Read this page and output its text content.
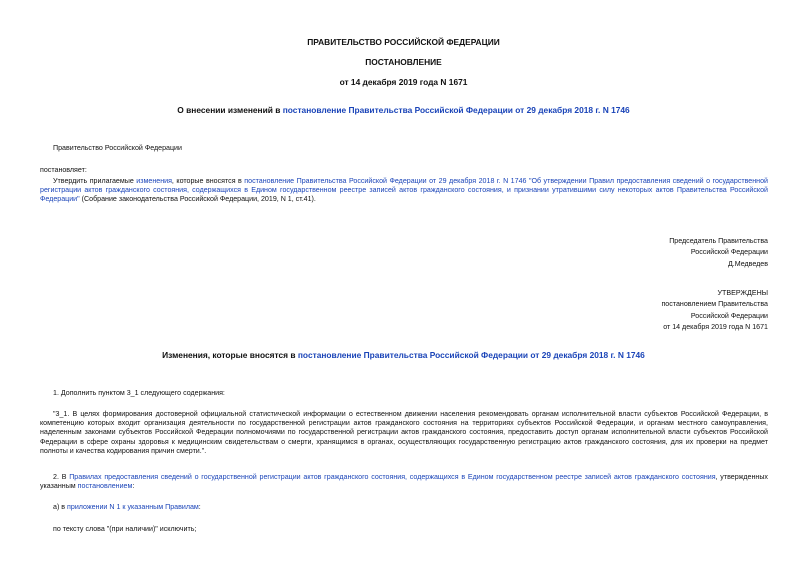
ПРАВИТЕЛЬСТВО РОССИЙСКОЙ ФЕДЕРАЦИИ
ПОСТАНОВЛЕНИЕ
от 14 декабря 2019 года N 1671
О внесении изменений в постановление Правительства Российской Федерации от 29 декабря 2018 г. N 1746
Правительство Российской Федерации
постановляет:
Утвердить прилагаемые изменения, которые вносятся в постановление Правительства Российской Федерации от 29 декабря 2018 г. N 1746 "Об утверждении Правил предоставления сведений о государственной регистрации актов гражданского состояния, содержащихся в Едином государственном реестре записей актов гражданского состояния, и признании утратившими силу некоторых актов Правительства Российской Федерации" (Собрание законодательства Российской Федерации, 2019, N 1, ст.41).
Председатель Правительства
Российской Федерации
Д.Медведев
УТВЕРЖДЕНЫ
постановлением Правительства
Российской Федерации
от 14 декабря 2019 года N 1671
Изменения, которые вносятся в постановление Правительства Российской Федерации от 29 декабря 2018 г. N 1746
1. Дополнить пунктом 3_1 следующего содержания:
"3_1. В целях формирования достоверной официальной статистической информации о естественном движении населения рекомендовать органам исполнительной власти субъектов Российской Федерации, в компетенцию которых входит организация деятельности по государственной регистрации актов гражданского состояния на территориях субъектов Российской Федерации, и органам местного самоуправления, наделенным законами субъектов Российской Федерации полномочиями по государственной регистрации актов гражданского состояния, предоставить доступ органам исполнительной власти субъектов Российской Федерации в сфере охраны здоровья к медицинским свидетельствам о смерти, хранящимся в органах, осуществляющих государственную регистрацию актов гражданского состояния, для их проверки на предмет полноты и качества кодирования причин смерти.".
2. В Правилах предоставления сведений о государственной регистрации актов гражданского состояния, содержащихся в Едином государственном реестре записей актов гражданского состояния, утвержденных указанным постановлением:
а) в приложении N 1 к указанным Правилам:
по тексту слова "(при наличии)" исключить;
